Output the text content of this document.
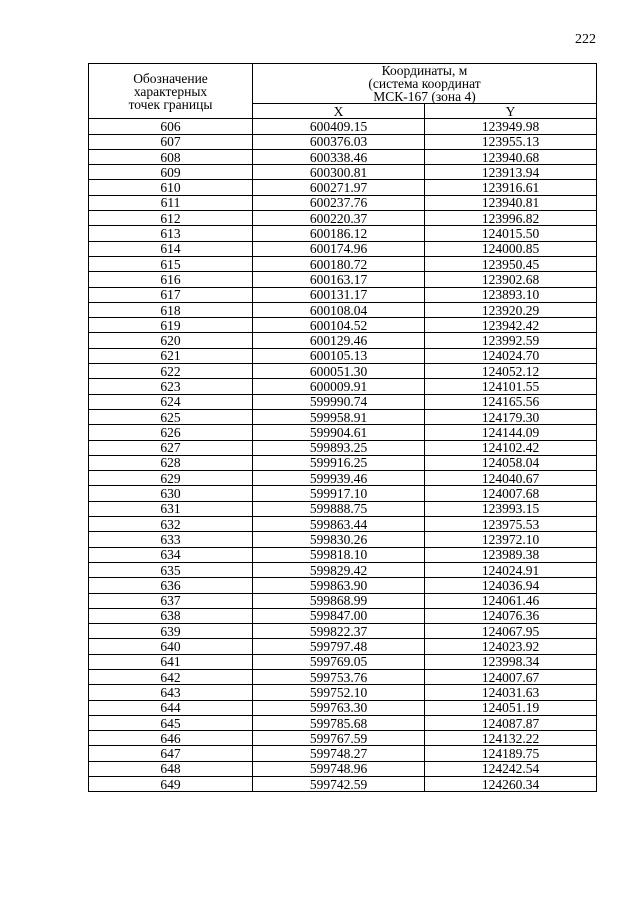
222
Обозначение
характерных
точек границы	Координаты, м
(система координат
МСК-167 (зона 4)	

	X	Y
606	600409.15	123949.98
607	600376.03	123955.13
608	600338.46	123940.68
609	600300.81	123913.94
610	600271.97	123916.61
611	600237.76	123940.81
612	600220.37	123996.82
613	600186.12	124015.50
614	600174.96	124000.85
615	600180.72	123950.45
616	600163.17	123902.68
617	600131.17	123893.10
618	600108.04	123920.29
619	600104.52	123942.42
620	600129.46	123992.59
621	600105.13	124024.70
622	600051.30	124052.12
623	600009.91	124101.55
624	599990.74	124165.56
625	599958.91	124179.30
626	599904.61	124144.09
627	599893.25	124102.42
628	599916.25	124058.04
629	599939.46	124040.67
630	599917.10	124007.68
631	599888.75	123993.15
632	599863.44	123975.53
633	599830.26	123972.10
634	599818.10	123989.38
635	599829.42	124024.91
636	599863.90	124036.94
637	599868.99	124061.46
638	599847.00	124076.36
639	599822.37	124067.95
640	599797.48	124023.92
641	599769.05	123998.34
642	599753.76	124007.67
643	599752.10	124031.63
644	599763.30	124051.19
645	599785.68	124087.87
646	599767.59	124132.22
647	599748.27	124189.75
648	599748.96	124242.54
649	599742.59	124260.34
